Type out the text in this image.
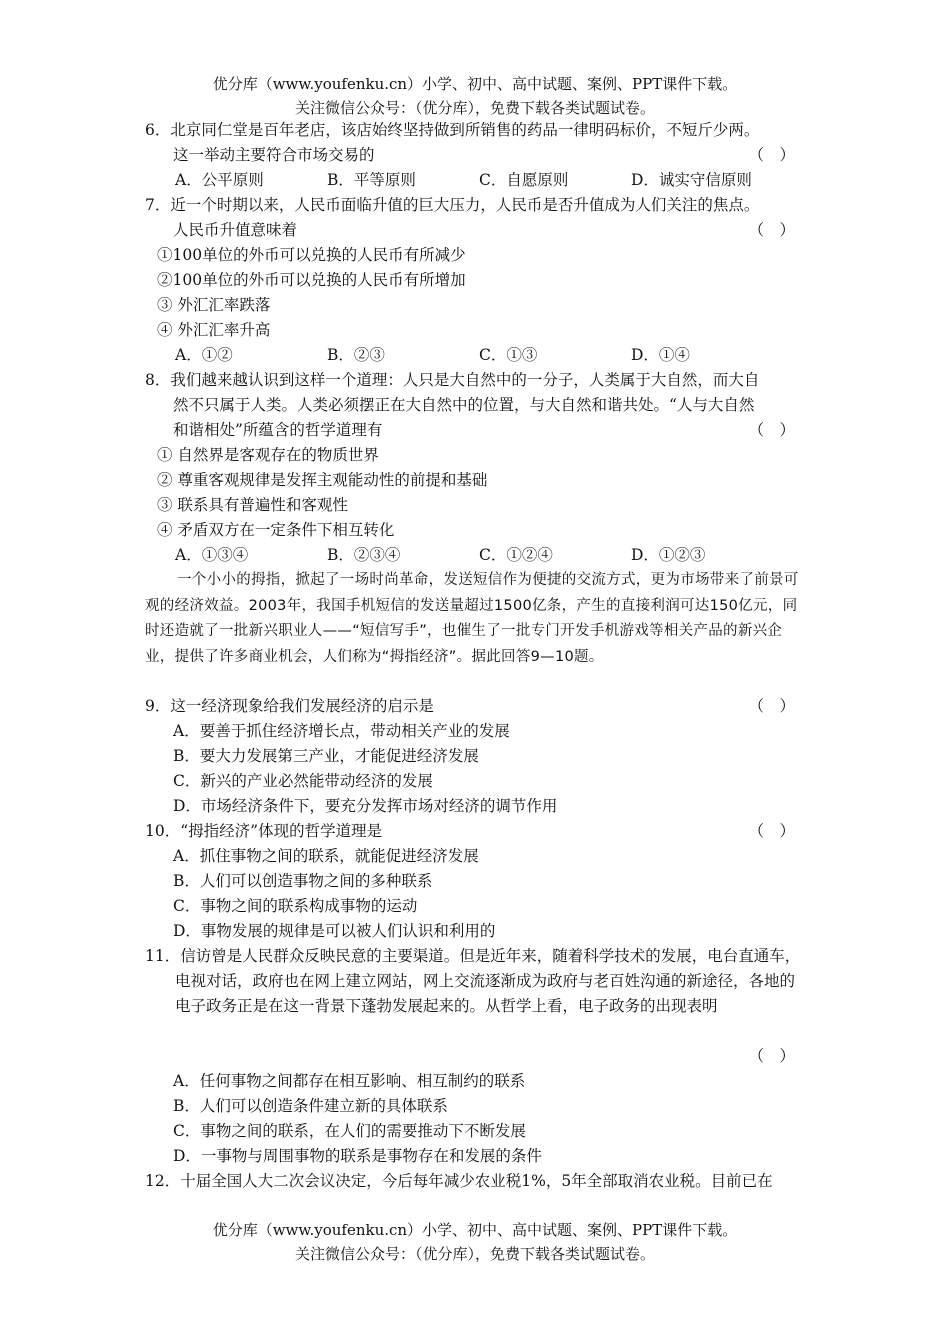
优分库（www.youfenku.cn）小学、初中、高中试题、案例、PPT课件下载。
关注微信公众号：（优分库），免费下载各类试题试卷。
6．北京同仁堂是百年老店，该店始终坚持做到所销售的药品一律明码标价，不短斤少两。
这一举动主要符合市场交易的	（　）
A．公平原则	B．平等原则	C．自愿原则	D．诚实守信原则
7．近一个时期以来，人民币面临升值的巨大压力，人民币是否升值成为人们关注的焦点。
人民币升值意味着	（　）
①100单位的外币可以兑换的人民币有所减少
②100单位的外币可以兑换的人民币有所增加
③ 外汇汇率跌落
④ 外汇汇率升高
A．①②	B．②③	C．①③	D．①④
8．我们越来越认识到这样一个道理：人只是大自然中的一分子，人类属于大自然，而大自
然不只属于人类。人类必须摆正在大自然中的位置，与大自然和谐共处。“人与大自然
和谐相处”所蕴含的哲学道理有	（　）
① 自然界是客观存在的物质世界
② 尊重客观规律是发挥主观能动性的前提和基础
③ 联系具有普遍性和客观性
④ 矛盾双方在一定条件下相互转化
A．①③④	B．②③④	C．①②④	D．①②③
一个小小的拇指，掀起了一场时尚革命，发送短信作为便捷的交流方式，更为市场带来了前景可观的经济效益。2003年，我国手机短信的发送量超过1500亿条，产生的直接利润可达150亿元，同时还造就了一批新兴职业人——“短信写手”，也催生了一批专门开发手机游戏等相关产品的新兴企业，提供了许多商业机会，人们称为“拇指经济”。据此回答9—10题。
9．这一经济现象给我们发展经济的启示是	（　）
A．要善于抓住经济增长点，带动相关产业的发展
B．要大力发展第三产业，才能促进经济发展
C．新兴的产业必然能带动经济的发展
D．市场经济条件下，要充分发挥市场对经济的调节作用
10．“拇指经济”体现的哲学道理是	（　）
A．抓住事物之间的联系，就能促进经济发展
B．人们可以创造事物之间的多种联系
C．事物之间的联系构成事物的运动
D．事物发展的规律是可以被人们认识和利用的
11．信访曾是人民群众反映民意的主要渠道。但是近年来，随着科学技术的发展，电台直通车，电视对话，政府也在网上建立网站，网上交流逐渐成为政府与老百姓沟通的新途径，各地的电子政务正是在这一背景下蓬勃发展起来的。从哲学上看，电子政务的出现表明
（　）
A．任何事物之间都存在相互影响、相互制约的联系
B．人们可以创造条件建立新的具体联系
C．事物之间的联系，在人们的需要推动下不断发展
D．一事物与周围事物的联系是事物存在和发展的条件
12．十届全国人大二次会议决定，今后每年减少农业税1%，5年全部取消农业税。目前已在
优分库（www.youfenku.cn）小学、初中、高中试题、案例、PPT课件下载。
关注微信公众号：（优分库），免费下载各类试题试卷。
